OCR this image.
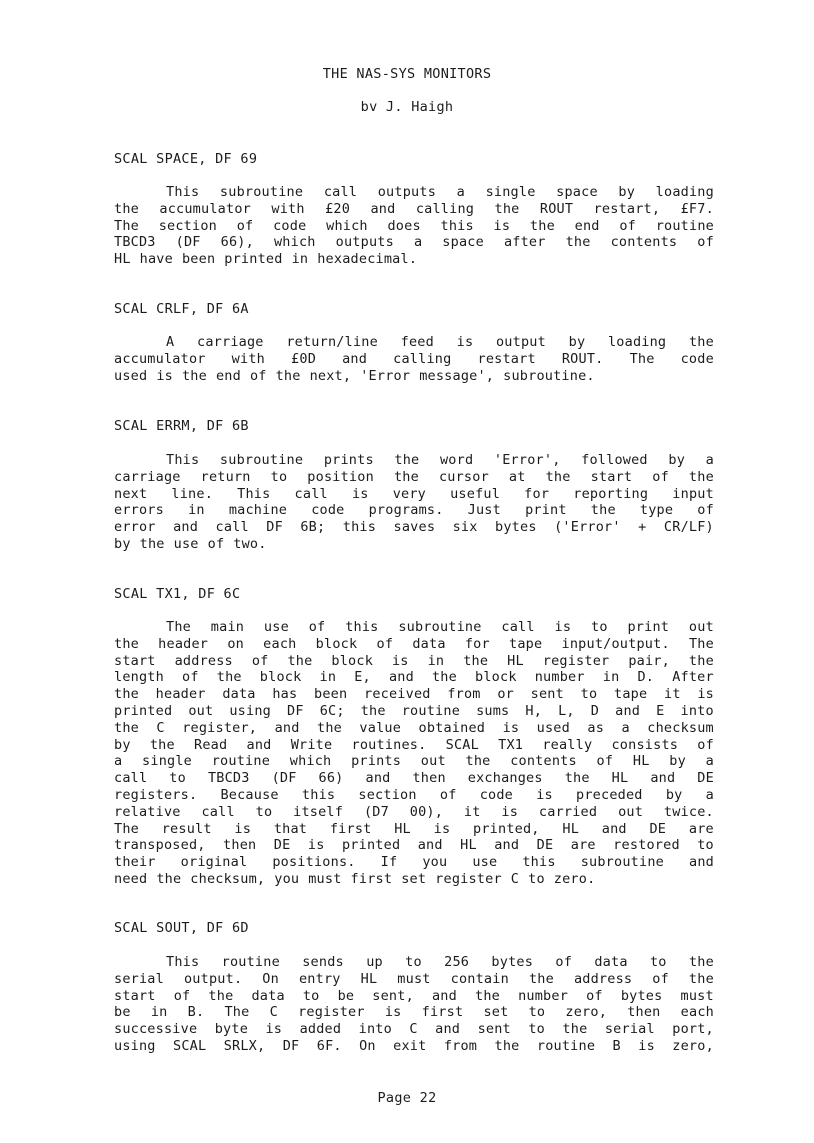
THE NAS-SYS MONITORS
bv J. Haigh
SCAL SPACE, DF 69
This subroutine call outputs a single space by loading
the accumulator with £20 and calling the ROUT restart, £F7.
The section of code which does this is the end of routine
TBCD3 (DF 66), which outputs a space after the contents of
HL have been printed in hexadecimal.
SCAL CRLF, DF 6A
A carriage return/line feed is output by loading the
accumulator with £0D and calling restart ROUT. The code
used is the end of the next, 'Error message', subroutine.
SCAL ERRM, DF 6B
This subroutine prints the word 'Error', followed by a
carriage return to position the cursor at the start of the
next line. This call is very useful for reporting input
errors in machine code programs. Just print the type of
error and call DF 6B; this saves six bytes ('Error' + CR/LF)
by the use of two.
SCAL TX1, DF 6C
The main use of this subroutine call is to print out
the header on each block of data for tape input/output. The
start address of the block is in the HL register pair, the
length of the block in E, and the block number in D. After
the header data has been received from or sent to tape it is
printed out using DF 6C; the routine sums H, L, D and E into
the C register, and the value obtained is used as a checksum
by the Read and Write routines. SCAL TX1 really consists of
a single routine which prints out the contents of HL by a
call to TBCD3 (DF 66) and then exchanges the HL and DE
registers. Because this section of code is preceded by a
relative call to itself (D7 00), it is carried out twice.
The result is that first HL is printed, HL and DE are
transposed, then DE is printed and HL and DE are restored to
their original positions. If you use this subroutine and
need the checksum, you must first set register C to zero.
SCAL SOUT, DF 6D
This routine sends up to 256 bytes of data to the
serial output. On entry HL must contain the address of the
start of the data to be sent, and the number of bytes must
be in B. The C register is first set to zero, then each
successive byte is added into C and sent to the serial port,
using SCAL SRLX, DF 6F. On exit from the routine B is zero,
Page 22
